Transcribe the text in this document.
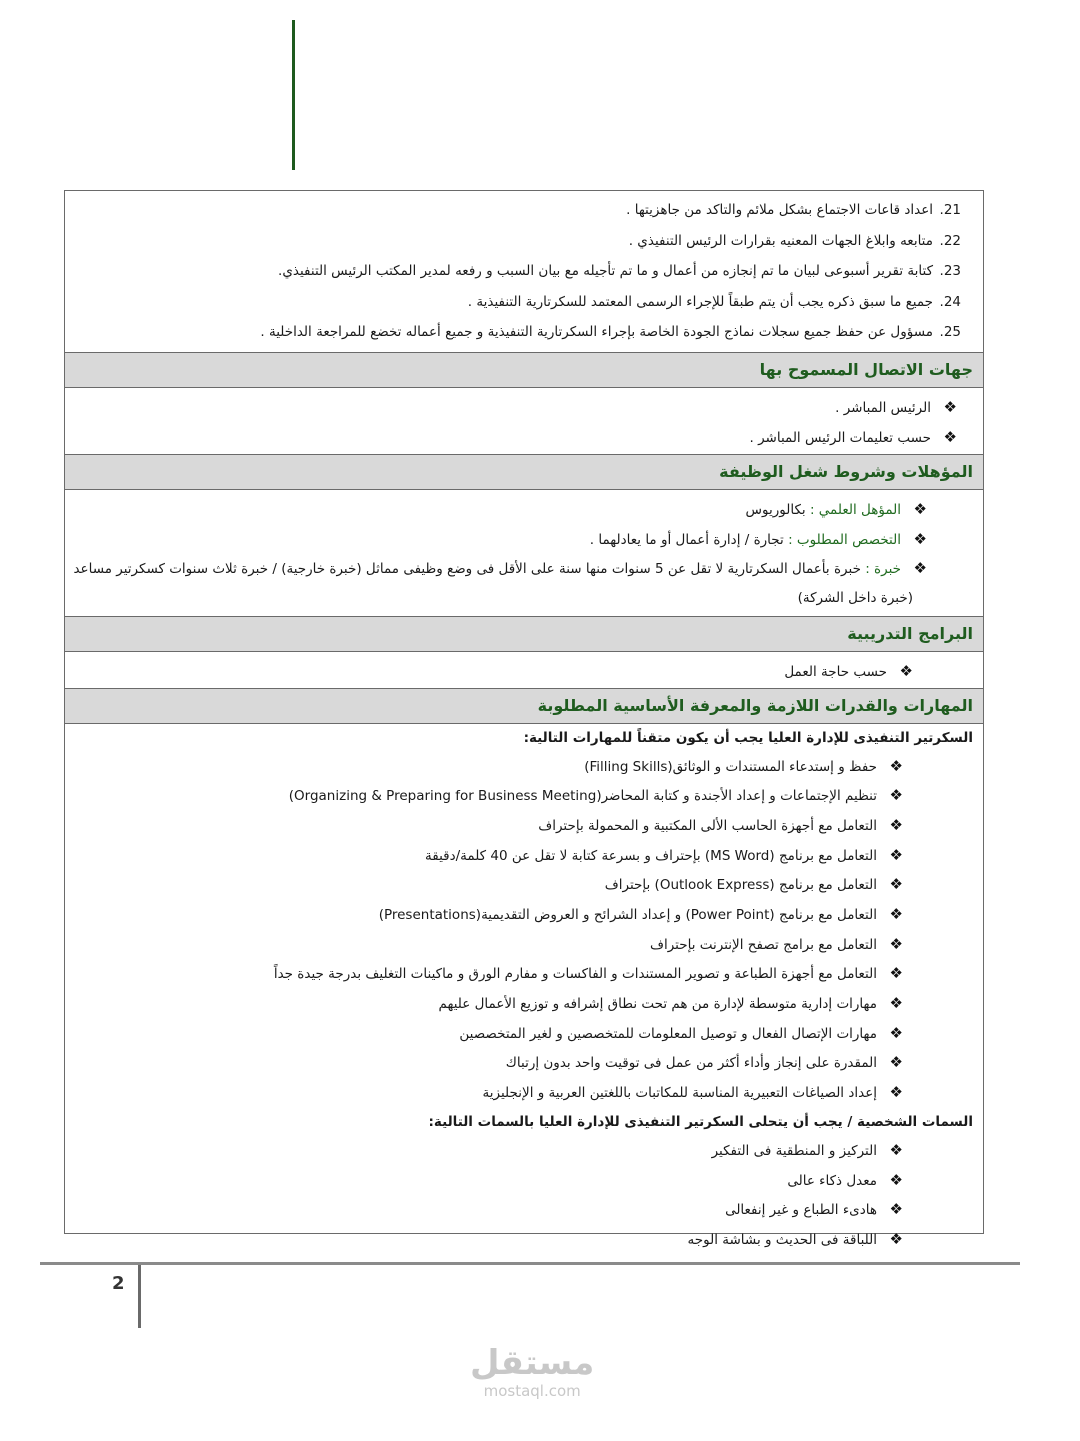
21.اعداد قاعات الاجتماع بشكل ملائم والتاكد من جاهزيتها .
22.متابعه وابلاغ الجهات المعنيه بقرارات الرئيس التنفيذي .
23.كتابة تقرير أسبوعى لبيان ما تم إنجازه من أعمال و ما تم تأجيله مع بيان السبب و رفعه لمدير المكتب الرئيس التنفيذي.
24.جميع ما سبق ذكره يجب أن يتم طبقاً للإجراء الرسمى المعتمد للسكرتارية التنفيذية .
25.مسؤول عن حفظ جميع سجلات نماذج الجودة الخاصة بإجراء السكرتارية التنفيذية و جميع أعماله تخضع للمراجعة الداخلية .
جهات الاتصال المسموح بها
❖الرئيس المباشر .
❖حسب تعليمات الرئيس المباشر .
المؤهلات وشروط شغل الوظيفة
❖المؤهل العلمي : بكالوريوس
❖التخصص المطلوب : تجارة / إدارة أعمال أو ما يعادلهما .
❖خبرة : خبرة بأعمال السكرتارية لا تقل عن 5 سنوات منها سنة على الأقل فى وضع وظيفى مماثل (خبرة خارجية) / خبرة ثلاث سنوات كسكرتير مساعد (خبرة داخل الشركة)
البرامج التدريبية
❖حسب حاجة العمل
المهارات والقدرات اللازمة والمعرفة الأساسية المطلوبة
السكرتير التنفيذى للإدارة العليا يجب أن يكون متقناً للمهارات التالية:
❖حفظ و إستدعاء المستندات و الوثائق(Filling Skills)
❖تنظيم الإجتماعات و إعداد الأجندة و كتابة المحاضر(Organizing & Preparing for Business Meeting)
❖التعامل مع أجهزة الحاسب الألى المكتبية و المحمولة بإحتراف
❖التعامل مع برنامج (MS Word) بإحتراف و بسرعة كتابة لا تقل عن 40 كلمة/دقيقة
❖التعامل مع برنامج (Outlook Express) بإحتراف
❖التعامل مع برنامج (Power Point) و إعداد الشرائح و العروض التقديمية(Presentations)
❖التعامل مع برامج تصفح الإنترنت بإحتراف
❖التعامل مع أجهزة الطباعة و تصوير المستندات و الفاكسات و مفارم الورق و ماكينات التغليف بدرجة جيدة جداً
❖مهارات إدارية متوسطة لإدارة من هم تحت نطاق إشرافه و توزيع الأعمال عليهم
❖مهارات الإتصال الفعال و توصيل المعلومات للمتخصصين و لغير المتخصصين
❖المقدرة على إنجاز وأداء أكثر من عمل فى توقيت واحد بدون إرتباك
❖إعداد الصياغات التعبيرية المناسبة للمكاتبات باللغتين العربية و الإنجليزية
السمات الشخصية / يجب أن يتحلى السكرتير التنفيذى للإدارة العليا بالسمات التالية:
❖التركيز و المنطقية فى التفكير
❖معدل ذكاء عالى
❖هادىء الطباع و غير إنفعالى
❖اللباقة فى الحديث و بشاشة الوجه
2
مستقل
mostaql.com
